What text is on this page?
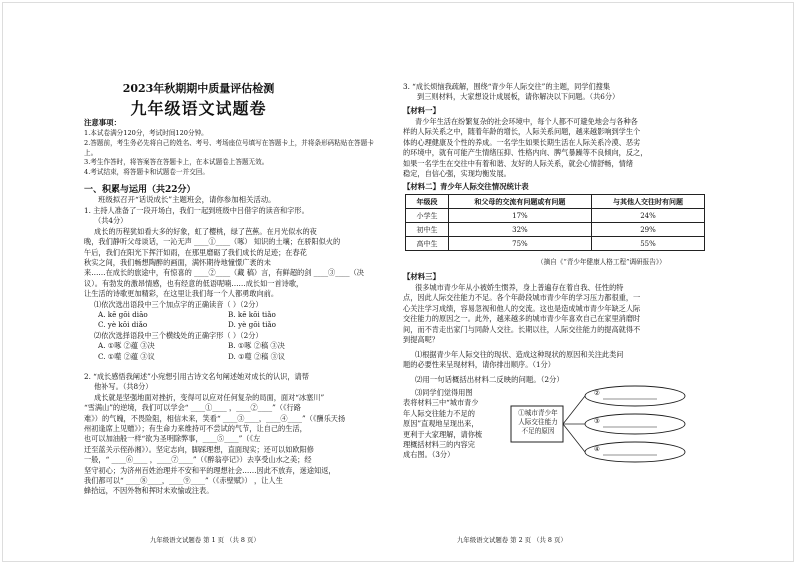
2023年秋期期中质量评估检测
九年级语文试题卷
注意事项：
1.本试卷满分120分，考试时间120分钟。
2.答题前，考生务必先将自己的姓名、考号、考场座位号填写在答题卡上，并将条形码粘贴在答题卡上。
3.考生作答时，将答案答在答题卡上，在本试题卷上答题无效。
4.考试结束，将答题卡和试题卷一并交回。
一、积累与运用（共22分）
班级拟召开“话说成长”主题班会，请你参加相关活动。
1. 主持人准备了一段开场白，我们一起到班级中吕借字的读音和字形。
（共4分）
成长的历程犹如看大多的好象，虹了樱桃，绿了芭蕉。在月光似水的夜
晚，我们静听父母谈话，一沁无声 ____①____（啄） 知识的土壤；在骄阳似火的
午后，我们在阳光下挥汗如雨，在那里磨砺了我们成长的足迹；在春花
秋实之间，我们畅想陶醉的画面，满怀期待地憧憬广袤的未
来……在成长的旅途中，有惊喜的 ____②____（藏 稿）言，有鲜超的剑 ____③____（决
议）。有勃发的激昂情感，也有经意的低语呢喃……成长如一首诗歌，
让生活的诗歌更加精彩，在这里让我们每一个人都勇敢向前。
⑴依次选出语段中三个加点字的正确读音（ ）（2分）
A. kē gōi diāo	B. kē kōi tiǎo
C. yè kōi diǎo	D. yè gōi tiǎo
⑵依次选择语段中三个横线处的正确字形（ ）（2分）
A. ①啄 ②蕴 ③决	B. ①啄 ②稿 ③决
C. ①噬 ②蕴 ③议	D. ①噬 ②稿 ③议
2. “成长感悟我阐述”小宛想引用古诗文名句阐述她对成长的认识，请帮
他补写。（共8分）
成长就是坚强地面对挫折，变得可以应对任何复杂的局面，面对“冰塞川”
“雪满山”的逆境，我们可以学会“ ____①____ ，____②____”（《行路
难》）的气魄，不畏险阻，相信未来，笑看“ ____③____，____④____”（《酬乐天扬
州初逢席上见赠》）；有生命力来维持可不尝试的气节，让自己的生活，
也可以加油般一样“欲为圣明除弊事，____⑤____”（《左
迁至蓝关示侄孙湘》）。坚定志向，脚踩理想，直面现实；还可以如欧阳修
一般，“ ____⑥____ ，____⑦____”（《醉翁亭记》）去享受山水之美；经
坚守初心；为济州百姓治理并不安和平的理想社会……因此不放弃，迷途知返，
我们都可以“ ____⑧____，____⑨____”（《赤壁赋》） ，让人生
蜂拾远，不因外物和挥时未欢愉或注表。
九年级语文试题卷 第 1 页 （共 8 页）
3. “成长烦恼我疏解，围绕“青少年人际交往”的主题，同学们搜集
到三则材料，大家想设计成展板，请你解决以下问题。（共6分）
【材料一】
青少年生活在纷繁复杂的社会环境中，每个人都不可避免地会与各种各
样的人际关系之中，随着年龄的增长，人际关系问题，越来越影响到学生个
体的心理健康及个性的养成。一名学生如果长期生活在人际关系冷漠、恶劣
的环境中，就有可能产生情绪压抑、性格内向、脾气暴躁等不良倾向，反之，
如果一名学生在交往中有着和谐、友好的人际关系，就会心情舒畅，情绪
稳定，自信心强，实现均衡发展。
【材料二】青少年人际交往情况统计表
年级段	和父母的交流有问题或有问题	与其他人交往时有问题
小学生	17%	24%
初中生	32%	29%
高中生	75%	55%
（摘自《“青少年健康人格工程”调研报告》）
【材料三】
很多城市青少年从小被娇生惯养，身上普遍存在着自我、任性的特
点，因此人际交往能力不足。各个年龄段城市青少年的学习压力都很重，一
心关注学习成绩，容易忽视和他人的交流。这也是造成城市青少年缺乏人际
交往能力的原因之一。此外，越来越多的城市青少年喜欢自己在家里消磨时
间，而不肯走出家门与同龄人交往。长期以往，人际交往能力的提高就得不
到提高呢？
⑴根据青少年人际交往的现状、造成这种现状的原因和关注此类问
题的必要性来呈现材料，请你排出顺序。（1分）
⑵用一句话概括出材料二反映的问题。（2分）
⑶同学们觉得用图
表将材料三中“城市青少
年人际交往能力不足的
原因”直观地呈现出来，
更利于大家理解，请你梳
理概括材料三的内容完
成右图。（3分）
①城市青少年
人际交往能力
不足的原因
②
③
④
九年级语文试题卷 第 2 页 （共 8 页）
